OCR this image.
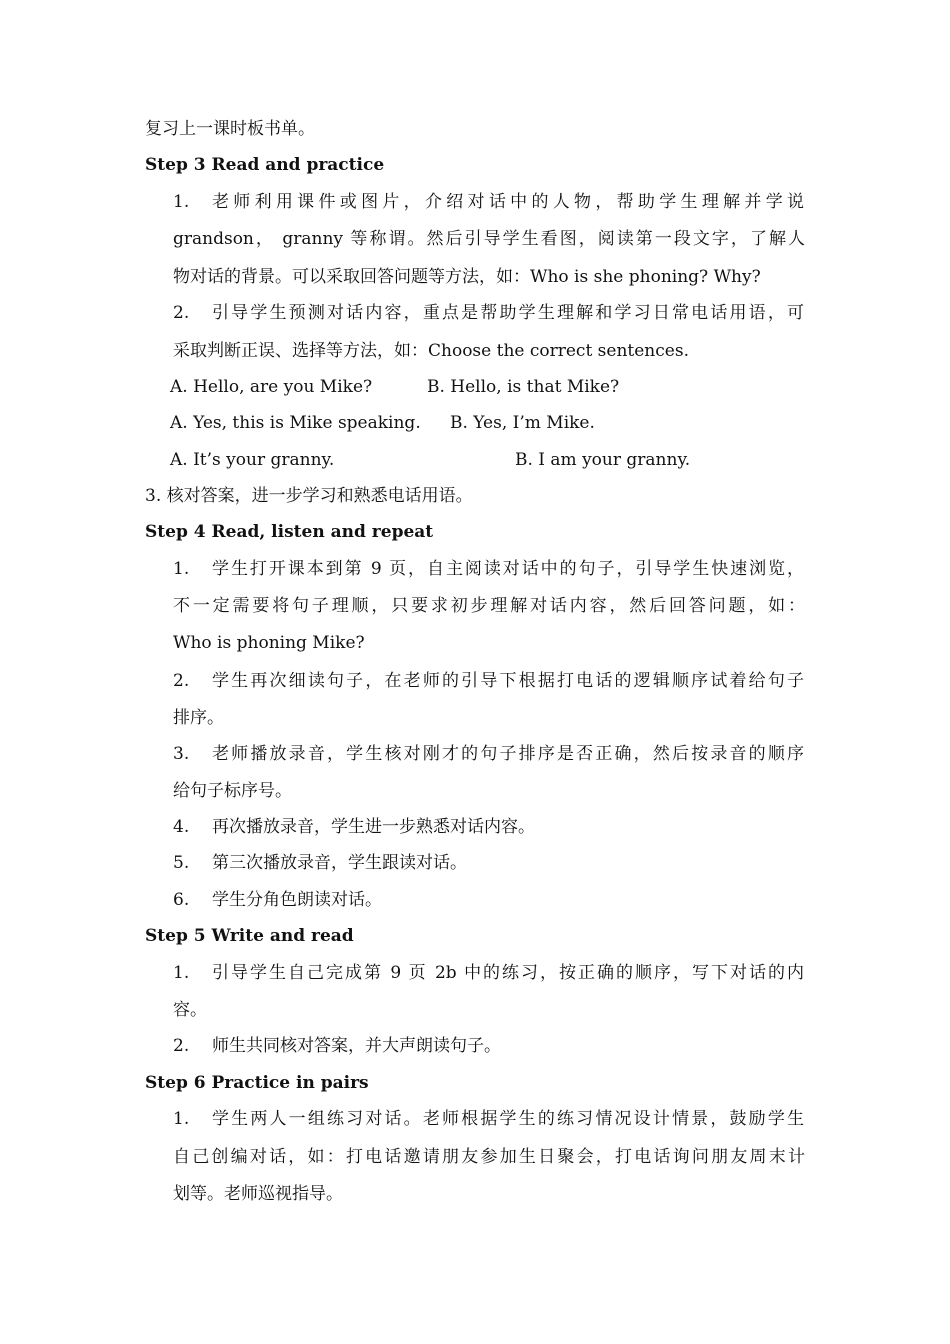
复习上一课时板书单。
Step 3 Read and practice
1.	老师利用课件或图片，介绍对话中的人物，帮助学生理解并学说
grandson， granny 等称谓。然后引导学生看图，阅读第一段文字，了解人
物对话的背景。可以采取回答问题等方法，如：Who is she phoning? Why?
2.	引导学生预测对话内容，重点是帮助学生理解和学习日常电话用语，可
采取判断正误、选择等方法，如：Choose the correct sentences.
A. Hello, are you Mike?	B. Hello, is that Mike?
A. Yes, this is Mike speaking. B. Yes, I’m Mike.
A. It’s your granny.	B. I am your granny.
3. 核对答案，进一步学习和熟悉电话用语。
Step 4 Read, listen and repeat
1.	学生打开课本到第 9 页，自主阅读对话中的句子，引导学生快速浏览，
不一定需要将句子理顺，只要求初步理解对话内容，然后回答问题，如：
Who is phoning Mike?
2.	学生再次细读句子，在老师的引导下根据打电话的逻辑顺序试着给句子
排序。
3.	老师播放录音，学生核对刚才的句子排序是否正确，然后按录音的顺序
给句子标序号。
4.	再次播放录音，学生进一步熟悉对话内容。
5.	第三次播放录音，学生跟读对话。
6.	学生分角色朗读对话。
Step 5 Write and read
1.	引导学生自己完成第 9 页 2b 中的练习，按正确的顺序，写下对话的内
容。
2.	师生共同核对答案，并大声朗读句子。
Step 6 Practice in pairs
1.	学生两人一组练习对话。老师根据学生的练习情况设计情景，鼓励学生
自己创编对话，如：打电话邀请朋友参加生日聚会，打电话询问朋友周末计
划等。老师巡视指导。
